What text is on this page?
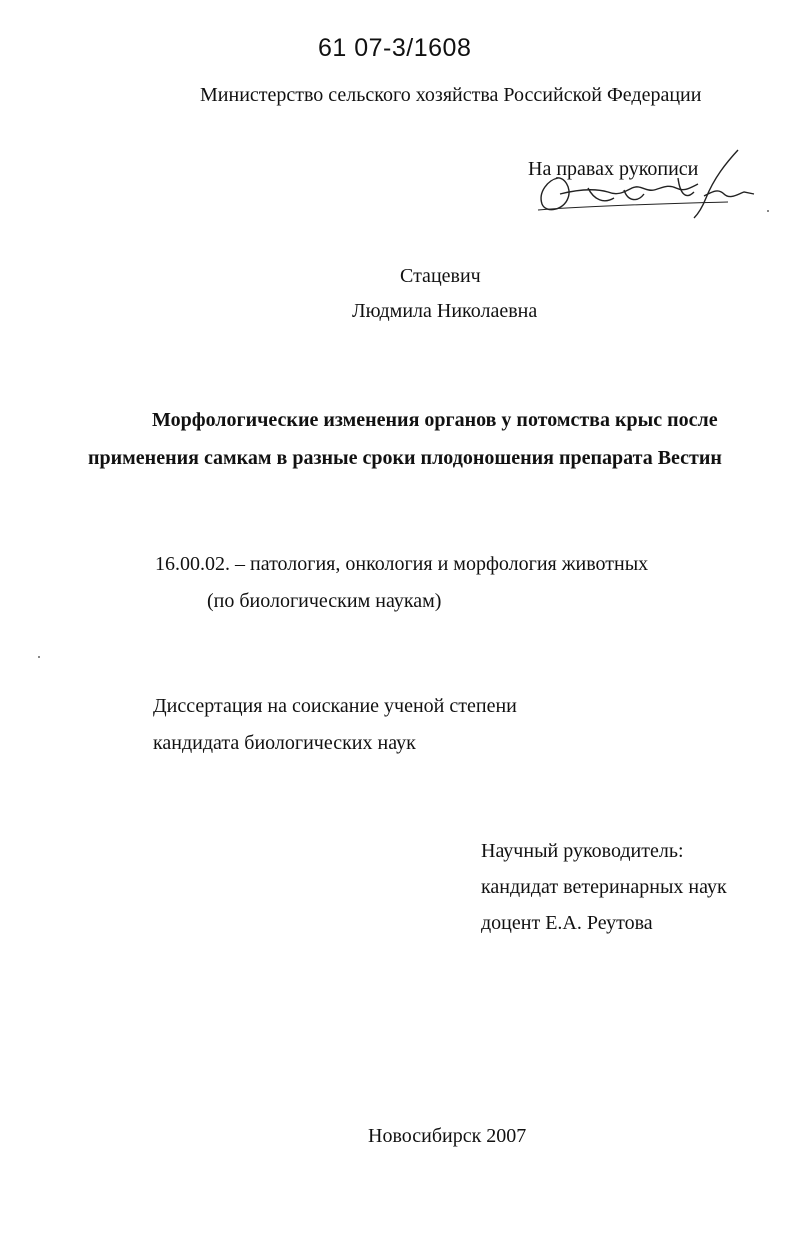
61 07-3/1608
Министерство сельского хозяйства Российской Федерации
На правах рукописи
Стацевич
Людмила Николаевна
Морфологические изменения органов у потомства крыс после
применения самкам в разные сроки плодоношения препарата Вестин
16.00.02. – патология, онкология и морфология животных
(по биологическим наукам)
Диссертация на соискание ученой степени
кандидата биологических наук
Научный руководитель:
кандидат ветеринарных наук
доцент Е.А. Реутова
Новосибирск 2007
